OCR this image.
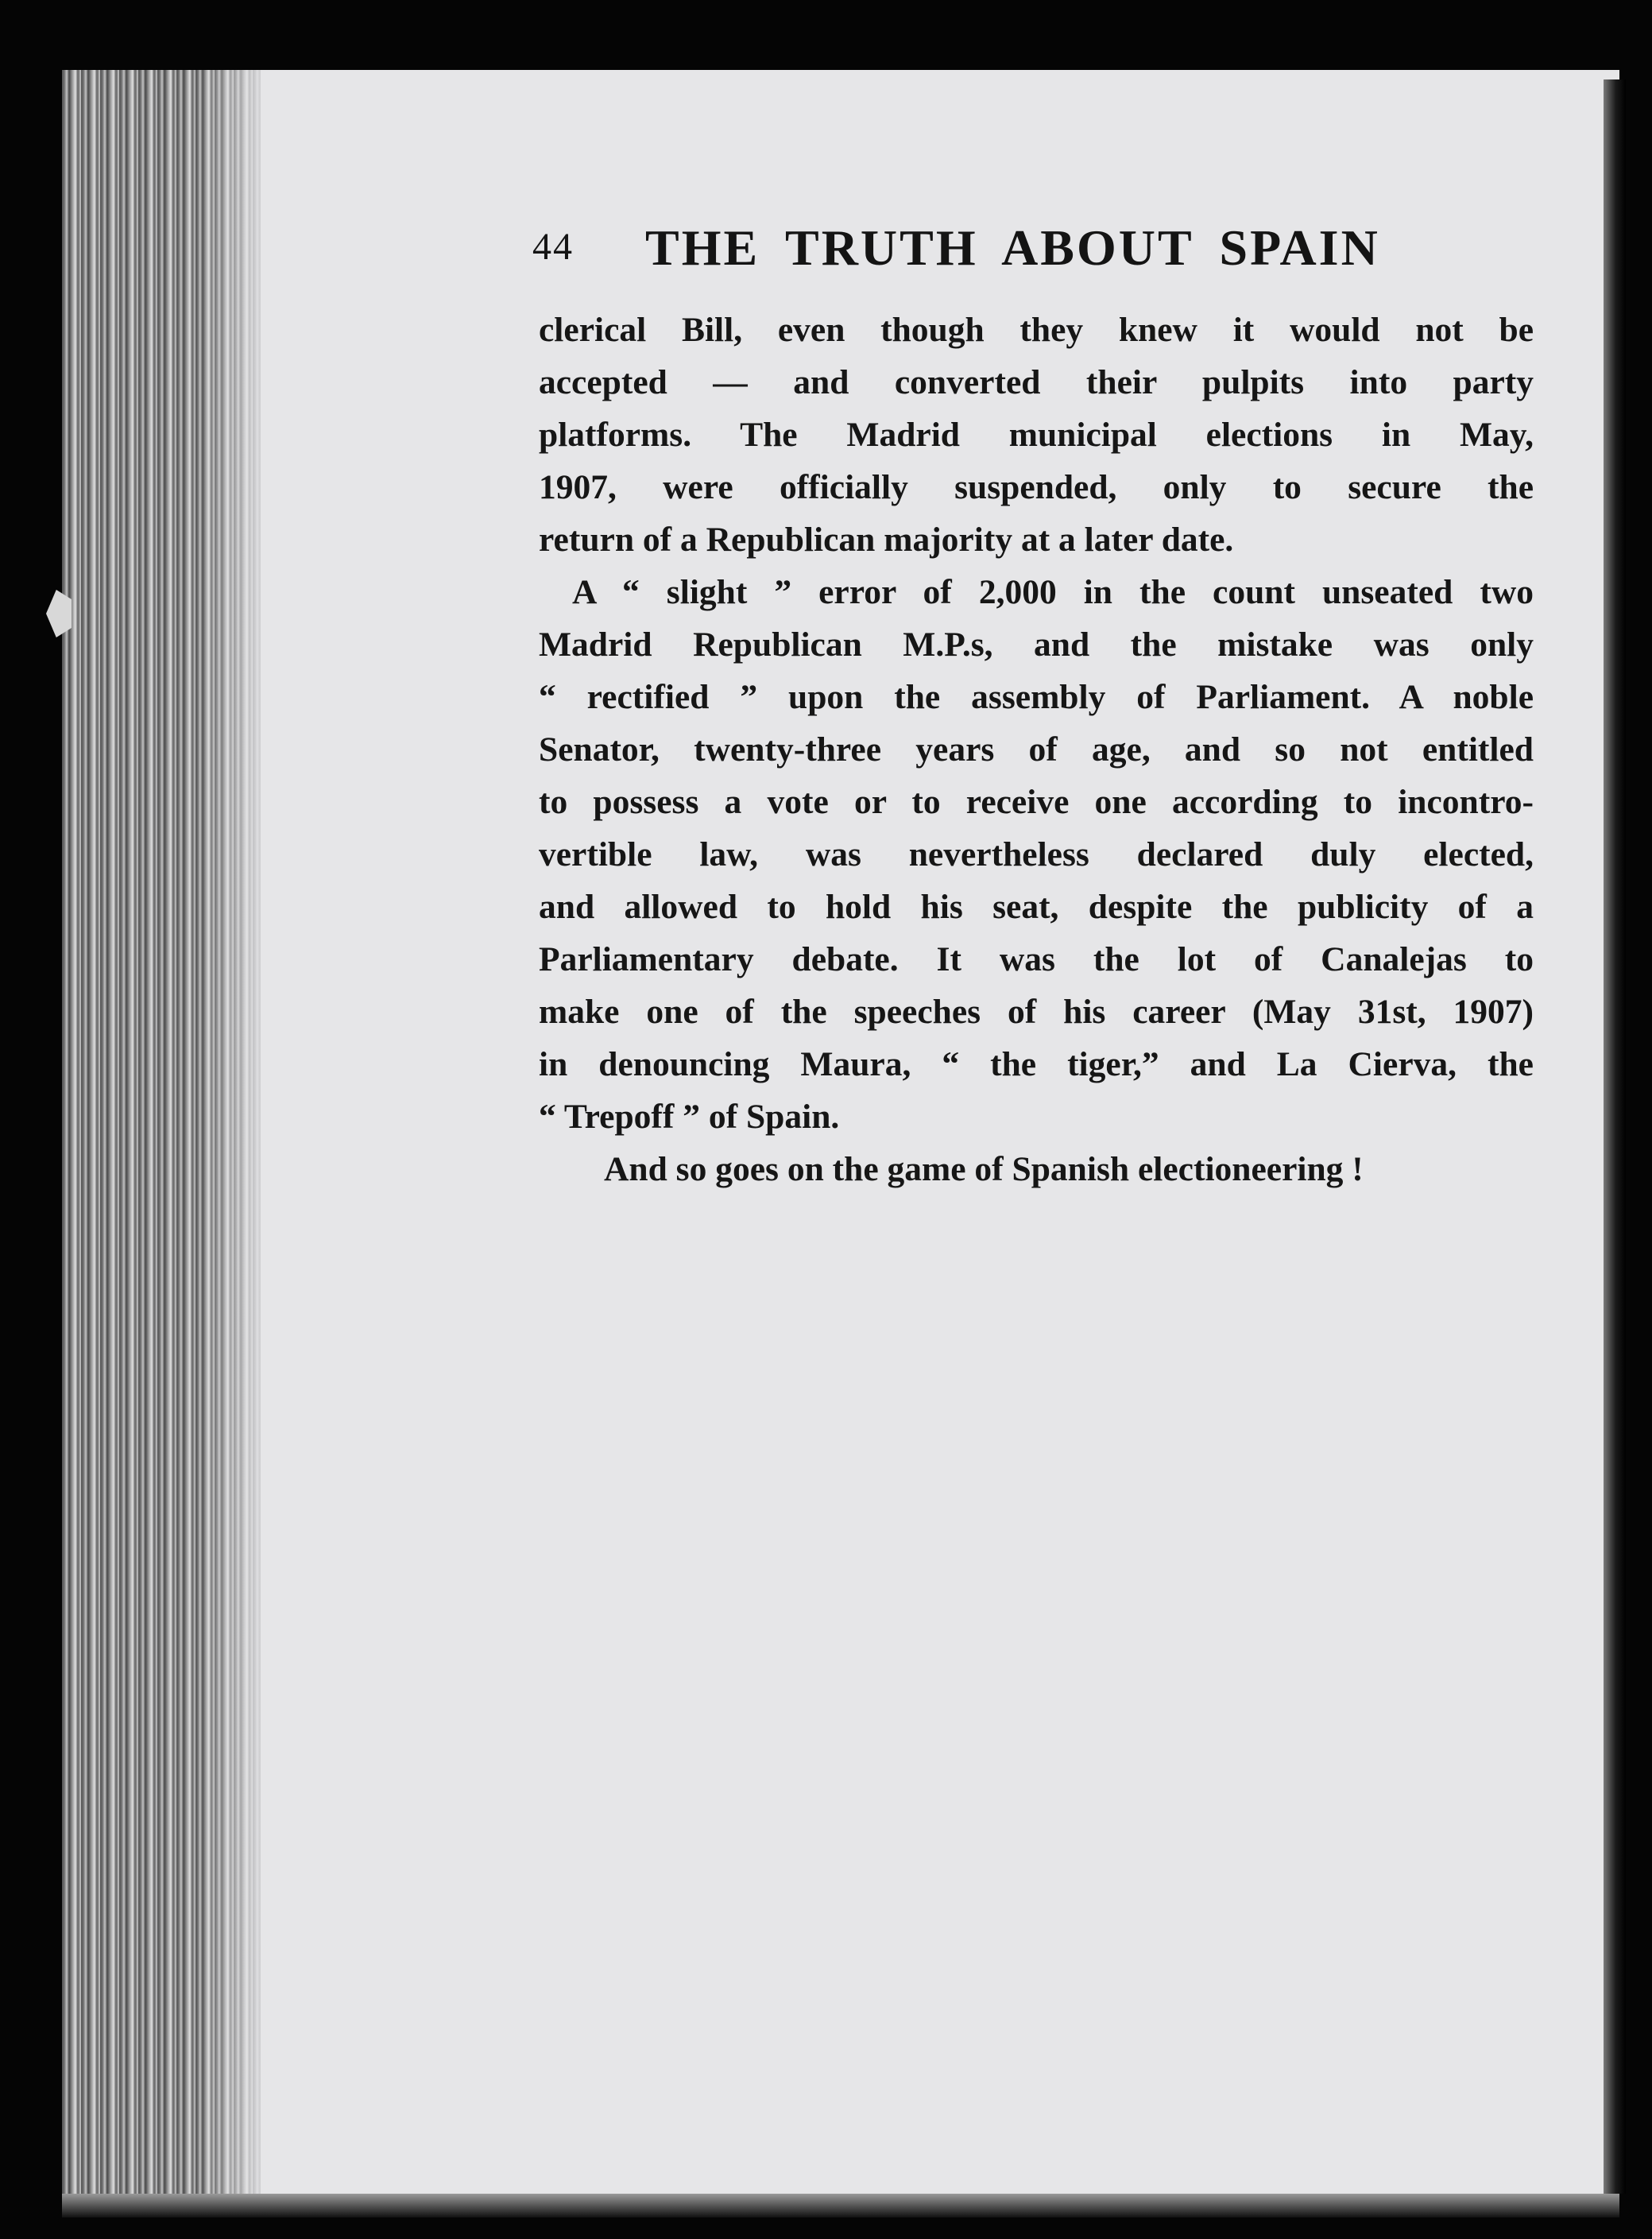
44 THE TRUTH ABOUT SPAIN
clerical Bill, even though they knew it would not be
accepted — and converted their pulpits into party
platforms. The Madrid municipal elections in May,
1907, were officially suspended, only to secure the
return of a Republican majority at a later date.
A “ slight ” error of 2,000 in the count unseated two
Madrid Republican M.P.s, and the mistake was only
“ rectified ” upon the assembly of Parliament. A noble
Senator, twenty-three years of age, and so not entitled
to possess a vote or to receive one according to incontro-
vertible law, was nevertheless declared duly elected,
and allowed to hold his seat, despite the publicity of a
Parliamentary debate. It was the lot of Canalejas to
make one of the speeches of his career (May 31st, 1907)
in denouncing Maura, “ the tiger,” and La Cierva, the
“ Trepoff ” of Spain.
And so goes on the game of Spanish electioneering !
